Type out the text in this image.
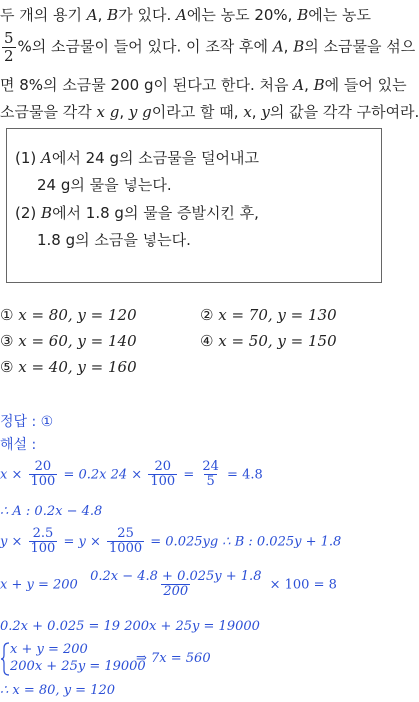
두 개의 용기 A, B가 있다. A에는 농도 20%, B에는 농도
$\frac{5}{2}$ %의 소금물이 들어 있다. 이 조작 후에 A, B의 소금물을 섞으
면 8%의 소금물 200 g이 된다고 한다. 처음 A, B에 들어 있는
소금물을 각각 x g, y g이라고 할 때, x, y의 값을 각각 구하여라.
(1) A에서 24 g의 소금물을 덜어내고
24 g의 물을 넣는다.
(2) B에서 1.8 g의 물을 증발시킨 후,
1.8 g의 소금을 넣는다.
① x = 80, y = 120	② x = 70, y = 130
③ x = 60, y = 140	④ x = 50, y = 150
⑤ x = 40, y = 160
정답 : ①
해설 :
$x \times \frac{20}{100} = 0.2x$ $24 \times \frac{20}{100} = \frac{24}{5} = 4.8$
∴ A : 0.2x − 4.8
$y \times \frac{2.5}{100} = y \times \frac{25}{1000} = 0.025yg$ ∴ B : 0.025y + 1.8
$x + y = 200 \frac{0.2x - 4.8 + 0.025y + 1.8}{200} \times 100 = 8$
0.2x + 0.025 = 19 200x + 25y = 19000
x + y = 200
200x + 25y = 19000
⇒ 7x = 560
∴ x = 80, y = 120
